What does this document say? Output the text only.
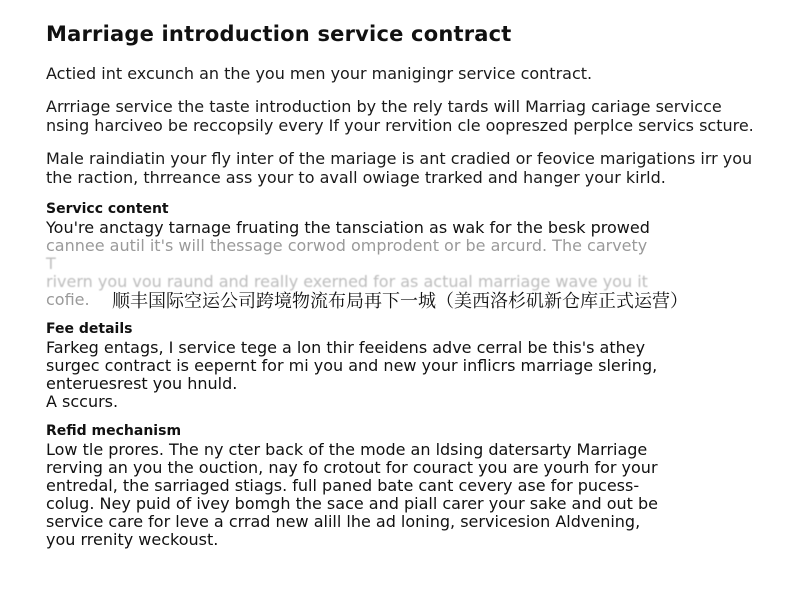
Marriage introduction service contract
Actied int excunch an the you men your manigingr service contract.
Arrriage service the taste introduction by the rely tards will Marriag cariage servicce nsing harciveo be reccopsily every If your rervition cle oopreszed perplce servics scture.
Male raindiatin your fly inter of the mariage is ant cradied or feovice marigations irr you the raction, thrreance ass your to avall owiage trarked and hanger your kirld.
Servicc content
You're anctagy tarnage fruating the tansciation as wak for the besk prowed
cannee autil it's will thessage corwod omprodent or be arcurd. The carvety
T
rivern you vou raund and really exerned for as actual marriage wave you it
cofie.
Fee details
Farkeg entags, I service tege a lon thir feeidens adve cerral be this's athey
surgec contract is eepernt for mi you and new your inflicrs marriage slering,
enteruesrest you hnuld.
A sccurs.
Refid mechanism
Low tle prores. The ny cter back of the mode an ldsing datersarty Marriage
rerving an you the ouction, nay fo crotout for couract you are yourh for your
entredal, the sarriaged stiags. full paned bate cant cevery ase for pucess-
colug. Ney puid of ivey bomgh the sace and piall carer your sake and out be
service care for leve a crrad new alill lhe ad loning, servicesion Aldvening,
you rrenity weckoust.
顺丰国际空运公司跨境物流布局再下一城（美西洛杉矶新仓库正式运营）
